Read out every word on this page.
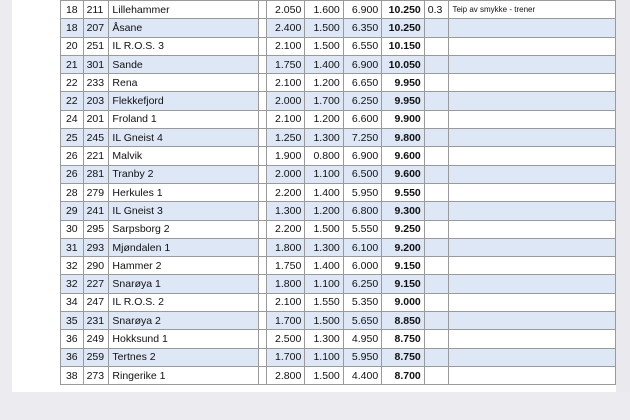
18	211	Lillehammer		2.050	1.600	6.900	10.250	0.3	Teip av smykke - trener
18	207	Åsane		2.400	1.500	6.350	10.250		
20	251	IL R.O.S. 3		2.100	1.500	6.550	10.150		
21	301	Sande		1.750	1.400	6.900	10.050		
22	233	Rena		2.100	1.200	6.650	9.950		
22	203	Flekkefjord		2.000	1.700	6.250	9.950		
24	201	Froland 1		2.100	1.200	6.600	9.900		
25	245	IL Gneist 4		1.250	1.300	7.250	9.800		
26	221	Malvik		1.900	0.800	6.900	9.600		
26	281	Tranby 2		2.000	1.100	6.500	9.600		
28	279	Herkules 1		2.200	1.400	5.950	9.550		
29	241	IL Gneist 3		1.300	1.200	6.800	9.300		
30	295	Sarpsborg 2		2.200	1.500	5.550	9.250		
31	293	Mjøndalen 1		1.800	1.300	6.100	9.200		
32	290	Hammer 2		1.750	1.400	6.000	9.150		
32	227	Snarøya 1		1.800	1.100	6.250	9.150		
34	247	IL R.O.S. 2		2.100	1.550	5.350	9.000		
35	231	Snarøya 2		1.700	1.500	5.650	8.850		
36	249	Hokksund 1		2.500	1.300	4.950	8.750		
36	259	Tertnes 2		1.700	1.100	5.950	8.750		
38	273	Ringerike 1		2.800	1.500	4.400	8.700		
